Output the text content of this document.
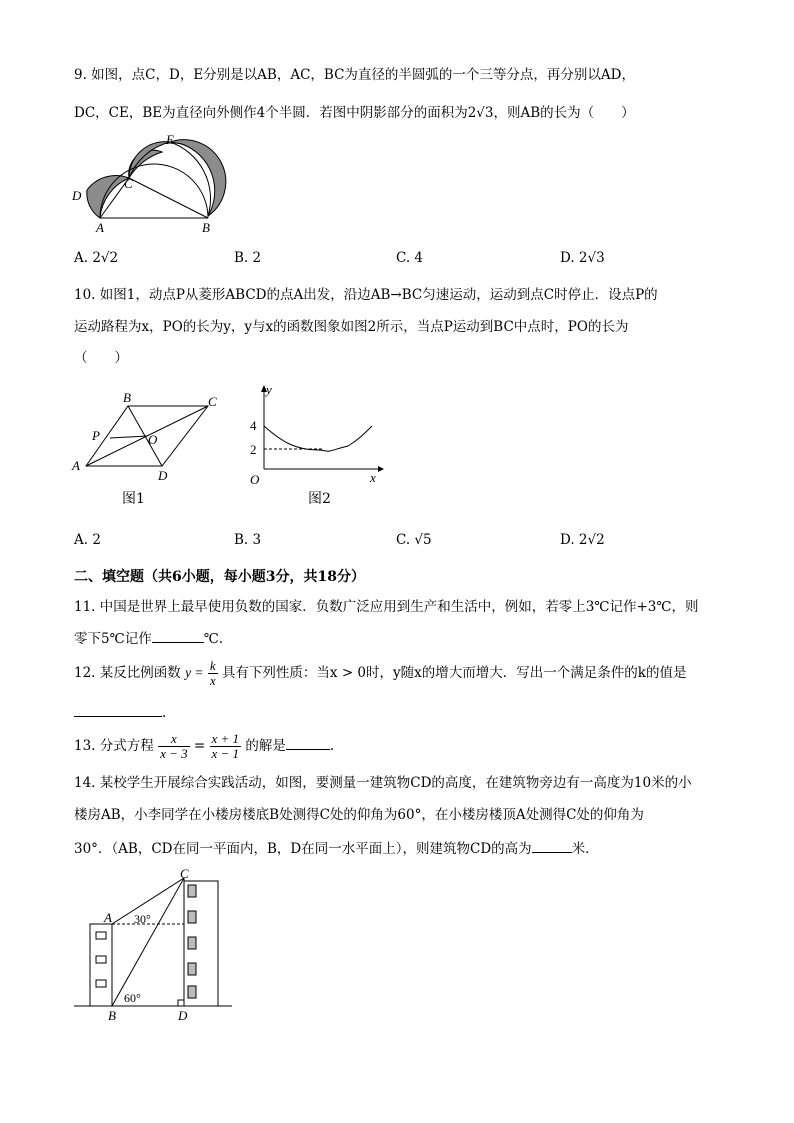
9. 如图，点C，D，E分别是以AB，AC，BC为直径的半圆弧的一个三等分点，再分别以AD，
DC，CE，BE为直径向外侧作4个半圆．若图中阴影部分的面积为2√3，则AB的长为（　　）
D
C
E
A	B
A. 2√2	B. 2	C. 4	D. 2√3
10. 如图1，动点P从菱形ABCD的点A出发，沿边AB→BC匀速运动，运动到点C时停止．设点P的
运动路程为x，PO的长为y，y与x的函数图象如图2所示，当点P运动到BC中点时，PO的长为
（　　）
B	C
P	O
A
D
图1
y
4
2
O	x
图2
A. 2	B. 3	C. √5	D. 2√2
二、填空题（共6小题，每小题3分，共18分）
11. 中国是世界上最早使用负数的国家．负数广泛应用到生产和生活中，例如，若零上3℃记作+3℃，则
零下5℃记作	℃.
12. 某反比例函数 $y = \frac{k}{x}$ 具有下列性质：当x > 0时，y随x的增大而增大．写出一个满足条件的k的值是
.
13. 分式方程 $\frac{x}{x - 3} = \frac{x + 1}{x - 1}$ 的解是	.
14. 某校学生开展综合实践活动，如图，要测量一建筑物CD的高度，在建筑物旁边有一高度为10米的小
楼房AB，小李同学在小楼房楼底B处测得C处的仰角为60°，在小楼房楼顶A处测得C处的仰角为
30°．（AB，CD在同一平面内，B，D在同一水平面上），则建筑物CD的高为	米．
C
A 30°
60°
B	D
